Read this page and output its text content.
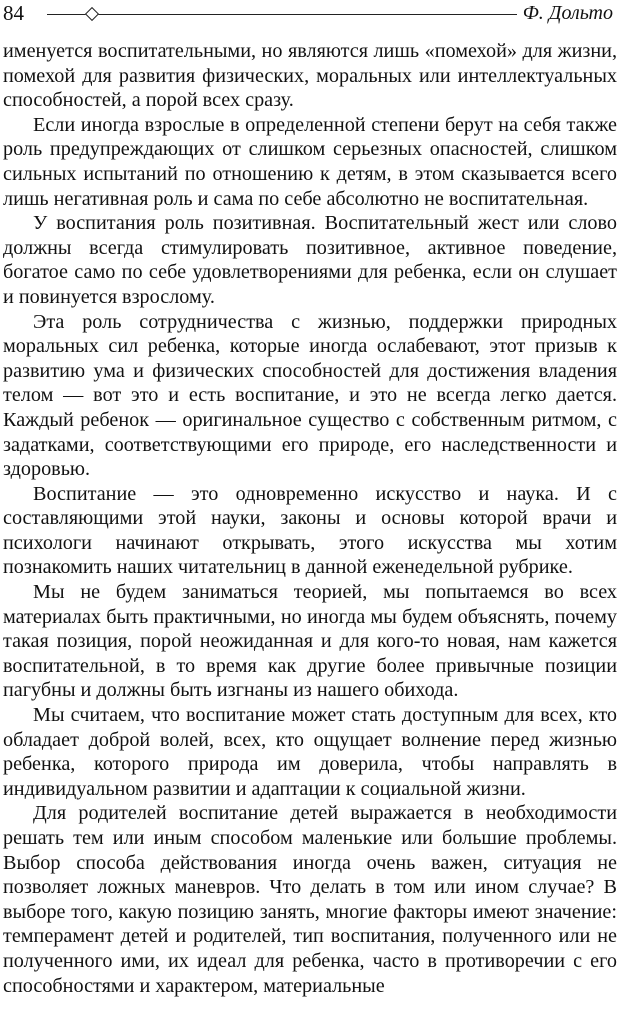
84	Ф. Дольто

именуется воспитательными, но являются лишь «помехой» для жизни, помехой для развития физических, моральных или интеллектуальных способностей, а порой всех сразу.

Если иногда взрослые в определенной степени берут на себя также роль предупреждающих от слишком серьезных опасностей, слишком сильных испытаний по отношению к детям, в этом сказывается всего лишь негативная роль и сама по себе абсолютно не воспитательная.

У воспитания роль позитивная. Воспитательный жест или слово должны всегда стимулировать позитивное, активное поведение, богатое само по себе удовлетворениями для ребенка, если он слушает и повинуется взрослому.

Эта роль сотрудничества с жизнью, поддержки природных моральных сил ребенка, которые иногда ослабевают, этот призыв к развитию ума и физических способностей для достижения владения телом — вот это и есть воспитание, и это не всегда легко дается. Каждый ребенок — оригинальное существо с собственным ритмом, с задатками, соответствующими его природе, его наследственности и здоровью.

Воспитание — это одновременно искусство и наука. И с составляющими этой науки, законы и основы которой врачи и психологи начинают открывать, этого искусства мы хотим познакомить наших читательниц в данной еженедельной рубрике.

Мы не будем заниматься теорией, мы попытаемся во всех материалах быть практичными, но иногда мы будем объяснять, почему такая позиция, порой неожиданная и для кого-то новая, нам кажется воспитательной, в то время как другие более привычные позиции пагубны и должны быть изгнаны из нашего обихода.

Мы считаем, что воспитание может стать доступным для всех, кто обладает доброй волей, всех, кто ощущает волнение перед жизнью ребенка, которого природа им доверила, чтобы направлять в индивидуальном развитии и адаптации к социальной жизни.

Для родителей воспитание детей выражается в необходимости решать тем или иным способом маленькие или большие проблемы. Выбор способа действования иногда очень важен, ситуация не позволяет ложных маневров. Что делать в том или ином случае? В выборе того, какую позицию занять, многие факторы имеют значение: темперамент детей и родителей, тип воспитания, полученного или не полученного ими, их идеал для ребенка, часто в противоречии с его способностями и характером, материальные
